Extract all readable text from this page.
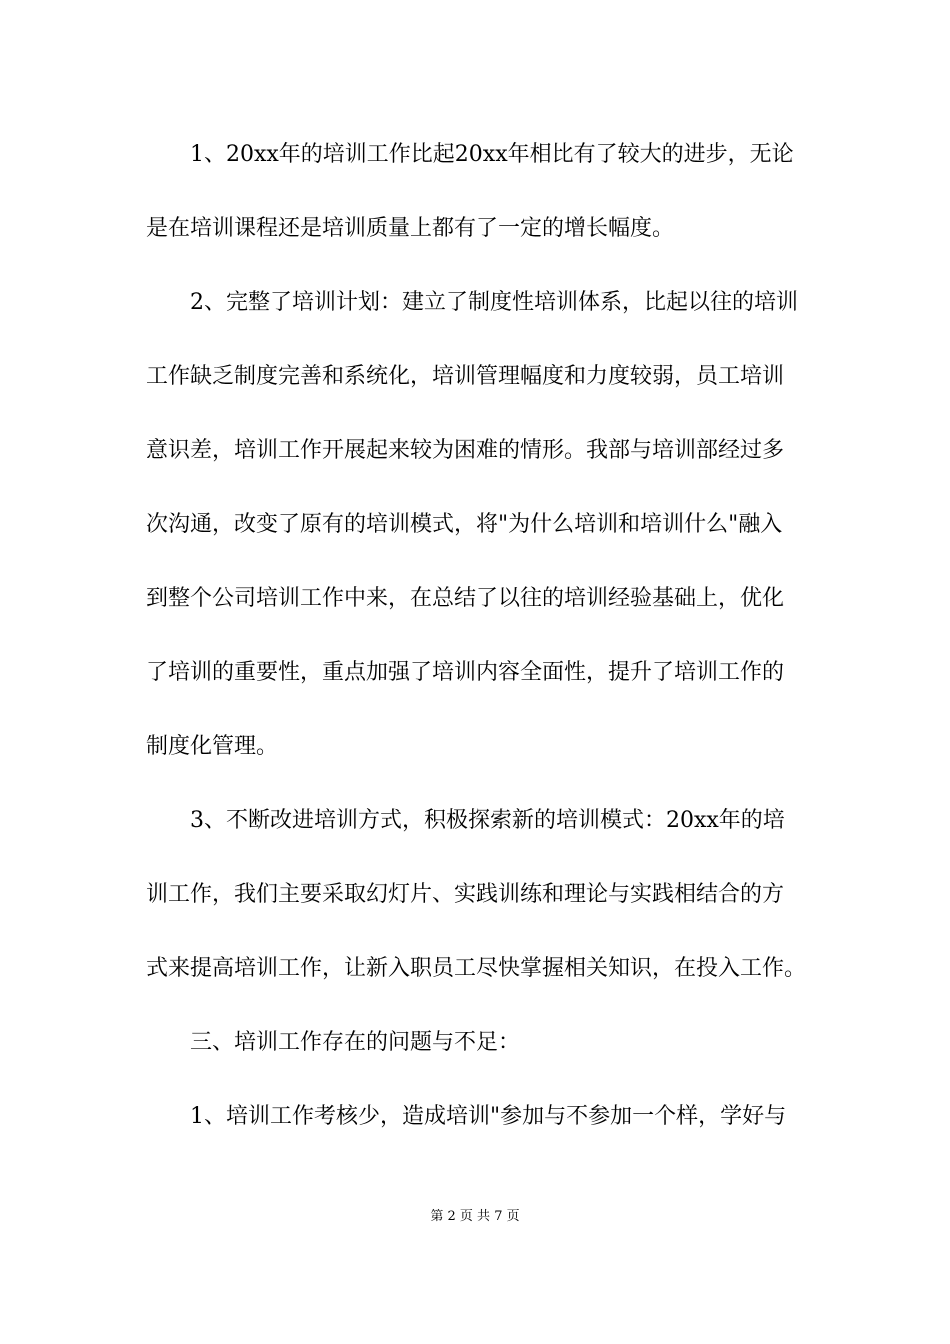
1、20xx年的培训工作比起20xx年相比有了较大的进步，无论
是在培训课程还是培训质量上都有了一定的增长幅度。
2、完整了培训计划：建立了制度性培训体系，比起以往的培训
工作缺乏制度完善和系统化，培训管理幅度和力度较弱，员工培训
意识差，培训工作开展起来较为困难的情形。我部与培训部经过多
次沟通，改变了原有的培训模式，将"为什么培训和培训什么"融入
到整个公司培训工作中来，在总结了以往的培训经验基础上，优化
了培训的重要性，重点加强了培训内容全面性，提升了培训工作的
制度化管理。
3、不断改进培训方式，积极探索新的培训模式：20xx年的培
训工作，我们主要采取幻灯片、实践训练和理论与实践相结合的方
式来提高培训工作，让新入职员工尽快掌握相关知识，在投入工作。
三、培训工作存在的问题与不足：
1、培训工作考核少，造成培训"参加与不参加一个样，学好与
第 2 页 共 7 页
